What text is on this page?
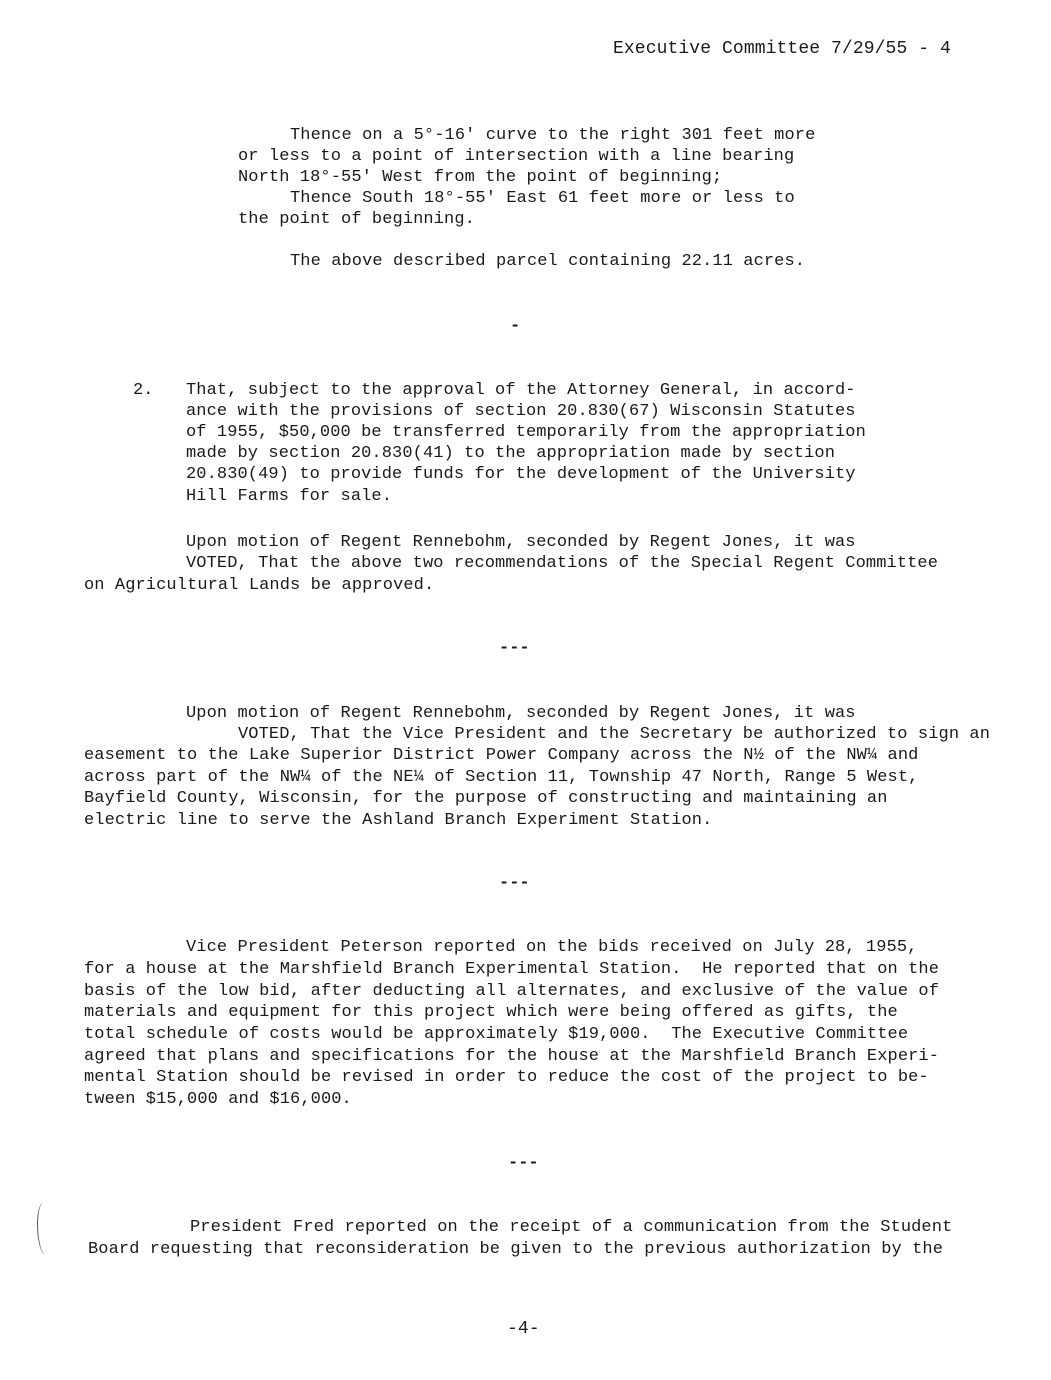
Executive Committee 7/29/55 - 4
Thence on a 5°-16' curve to the right 301 feet more
or less to a point of intersection with a line bearing
North 18°-55' West from the point of beginning;
Thence South 18°-55' East 61 feet more or less to
the point of beginning.
The above described parcel containing 22.11 acres.
-
2. That, subject to the approval of the Attorney General, in accord-
ance with the provisions of section 20.830(67) Wisconsin Statutes
of 1955, $50,000 be transferred temporarily from the appropriation
made by section 20.830(41) to the appropriation made by section
20.830(49) to provide funds for the development of the University
Hill Farms for sale.
Upon motion of Regent Rennebohm, seconded by Regent Jones, it was
VOTED, That the above two recommendations of the Special Regent Committee
on Agricultural Lands be approved.
---
Upon motion of Regent Rennebohm, seconded by Regent Jones, it was
VOTED, That the Vice President and the Secretary be authorized to sign an
easement to the Lake Superior District Power Company across the N½ of the NW¼ and
across part of the NW¼ of the NE¼ of Section 11, Township 47 North, Range 5 West,
Bayfield County, Wisconsin, for the purpose of constructing and maintaining an
electric line to serve the Ashland Branch Experiment Station.
---
Vice President Peterson reported on the bids received on July 28, 1955,
for a house at the Marshfield Branch Experimental Station.  He reported that on the
basis of the low bid, after deducting all alternates, and exclusive of the value of
materials and equipment for this project which were being offered as gifts, the
total schedule of costs would be approximately $19,000.  The Executive Committee
agreed that plans and specifications for the house at the Marshfield Branch Experi-
mental Station should be revised in order to reduce the cost of the project to be-
tween $15,000 and $16,000.
---
President Fred reported on the receipt of a communication from the Student
Board requesting that reconsideration be given to the previous authorization by the
-4-
